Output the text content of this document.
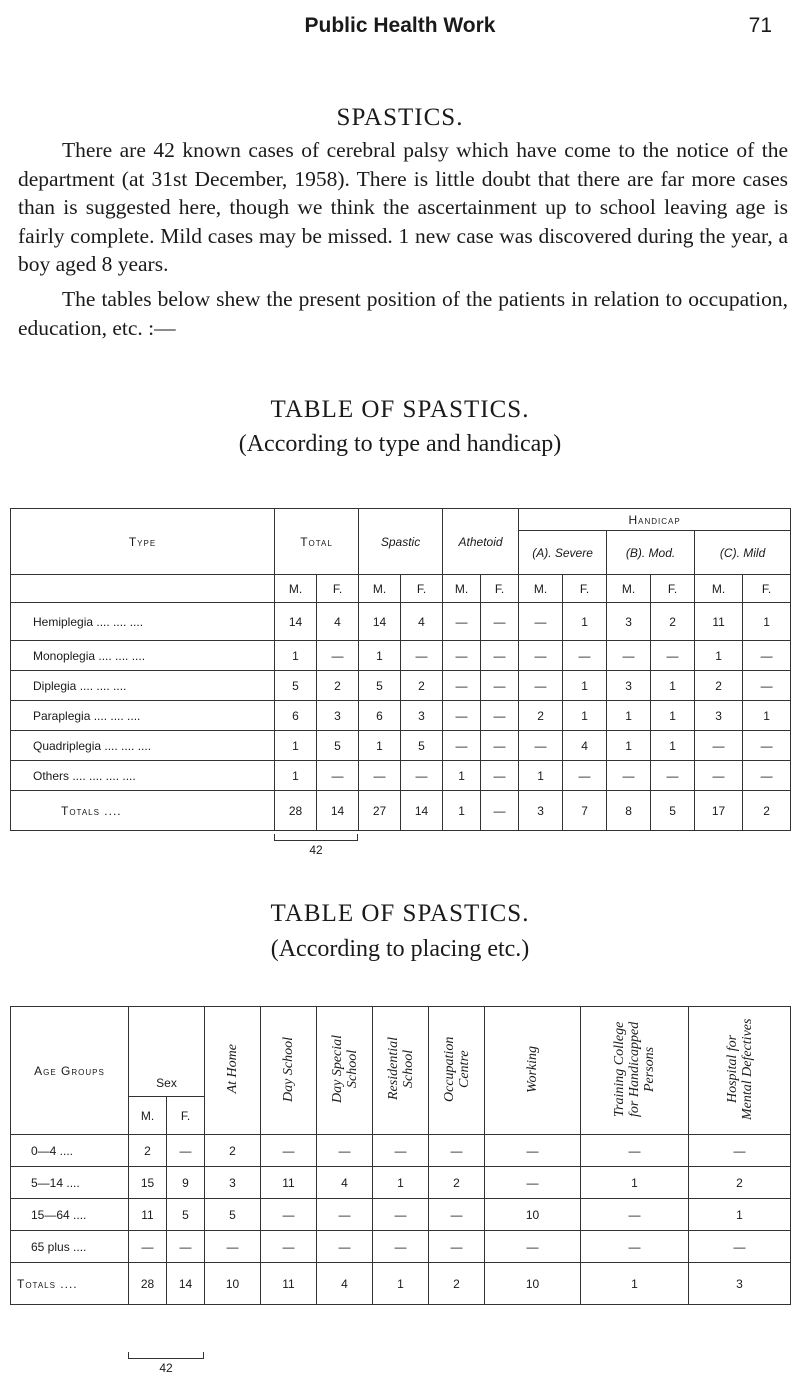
Public Health Work	71
SPASTICS.

There are 42 known cases of cerebral palsy which have come to the notice of the department (at 31st December, 1958). There is little doubt that there are far more cases than is suggested here, though we think the ascertainment up to school leaving age is fairly complete. Mild cases may be missed. 1 new case was discovered during the year, a boy aged 8 years.

The tables below shew the present position of the patients in relation to occupation, education, etc. :—

TABLE OF SPASTICS.
(According to type and handicap)
Type	Total		Spastic		Athetoid		Handicap					
							(A). Severe		(B). Mod.		(C). Mild	
	M.	F.	M.	F.	M.	F.	M.	F.	M.	F.	M.	F.
Hemiplegia .... .... ....	14	4	14	4	—	—	—	1	3	2	11	1
Monoplegia .... .... ....	1	—	1	—	—	—	—	—	—	—	1	—
Diplegia .... .... ....	5	2	5	2	—	—	—	1	3	1	2	—
Paraplegia .... .... ....	6	3	6	3	—	—	2	1	1	1	3	1
Quadriplegia .... .... ....	1	5	1	5	—	—	—	4	1	1	—	—
Others .... .... .... ....	1	—	—	—	1	—	1	—	—	—	—	—
Totals ....	28	14	27	14	1	—	3	7	8	5	17	2
42
TABLE OF SPASTICS.
(According to placing etc.)
Age Groups	Sex		At Home	Day School	Day Special School	Residential School	Occupation Centre	Working	Training College for Handicapped Persons	Hospital for Mental Defectives
	M.	F.								
0—4 ....	2	—	2	—	—	—	—	—	—	—
5—14 ....	15	9	3	11	4	1	2	—	1	2
15—64 ....	11	5	5	—	—	—	—	10	—	1
65 plus ....	—	—	—	—	—	—	—	—	—	—
Totals ....	28	14	10	11	4	1	2	10	1	3
42
